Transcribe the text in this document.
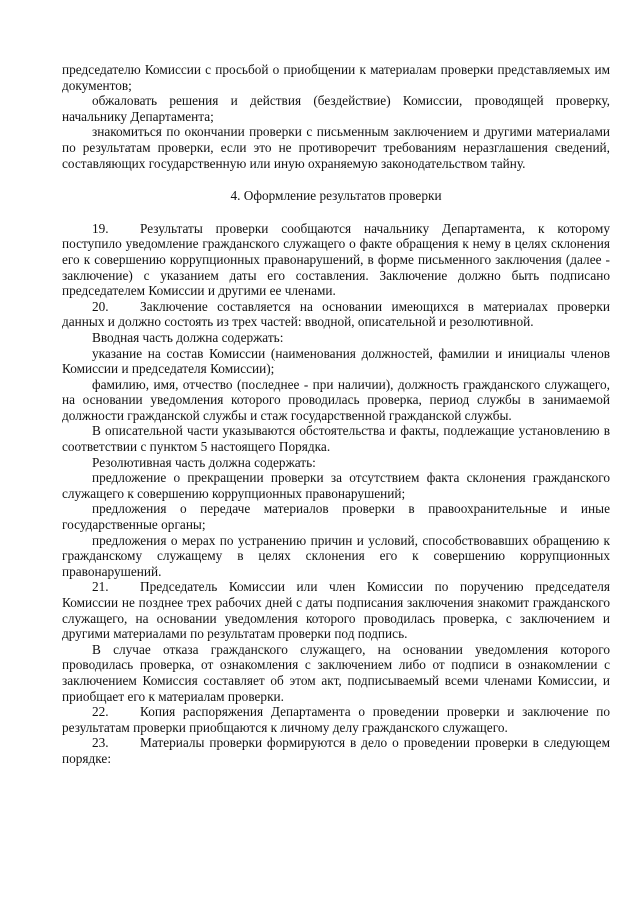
председателю Комиссии с просьбой о приобщении к материалам проверки представляемых им документов;

обжаловать решения и действия (бездействие) Комиссии, проводящей проверку, начальнику Департамента;

знакомиться по окончании проверки с письменным заключением и другими материалами по результатам проверки, если это не противоречит требованиям неразглашения сведений, составляющих государственную или иную охраняемую законодательством тайну.

4. Оформление результатов проверки

19. Результаты проверки сообщаются начальнику Департамента, к которому поступило уведомление гражданского служащего о факте обращения к нему в целях склонения его к совершению коррупционных правонарушений, в форме письменного заключения (далее - заключение) с указанием даты его составления. Заключение должно быть подписано председателем Комиссии и другими ее членами.

20. Заключение составляется на основании имеющихся в материалах проверки данных и должно состоять из трех частей: вводной, описательной и резолютивной.

Вводная часть должна содержать:

указание на состав Комиссии (наименования должностей, фамилии и инициалы членов Комиссии и председателя Комиссии);

фамилию, имя, отчество (последнее - при наличии), должность гражданского служащего, на основании уведомления которого проводилась проверка, период службы в занимаемой должности гражданской службы и стаж государственной гражданской службы.

В описательной части указываются обстоятельства и факты, подлежащие установлению в соответствии с пунктом 5 настоящего Порядка.

Резолютивная часть должна содержать:

предложение о прекращении проверки за отсутствием факта склонения гражданского служащего к совершению коррупционных правонарушений;

предложения о передаче материалов проверки в правоохранительные и иные государственные органы;

предложения о мерах по устранению причин и условий, способствовавших обращению к гражданскому служащему в целях склонения его к совершению коррупционных правонарушений.

21. Председатель Комиссии или член Комиссии по поручению председателя Комиссии не позднее трех рабочих дней с даты подписания заключения знакомит гражданского служащего, на основании уведомления которого проводилась проверка, с заключением и другими материалами по результатам проверки под подпись.

В случае отказа гражданского служащего, на основании уведомления которого проводилась проверка, от ознакомления с заключением либо от подписи в ознакомлении с заключением Комиссия составляет об этом акт, подписываемый всеми членами Комиссии, и приобщает его к материалам проверки.

22. Копия распоряжения Департамента о проведении проверки и заключение по результатам проверки приобщаются к личному делу гражданского служащего.

23. Материалы проверки формируются в дело о проведении проверки в следующем порядке:
